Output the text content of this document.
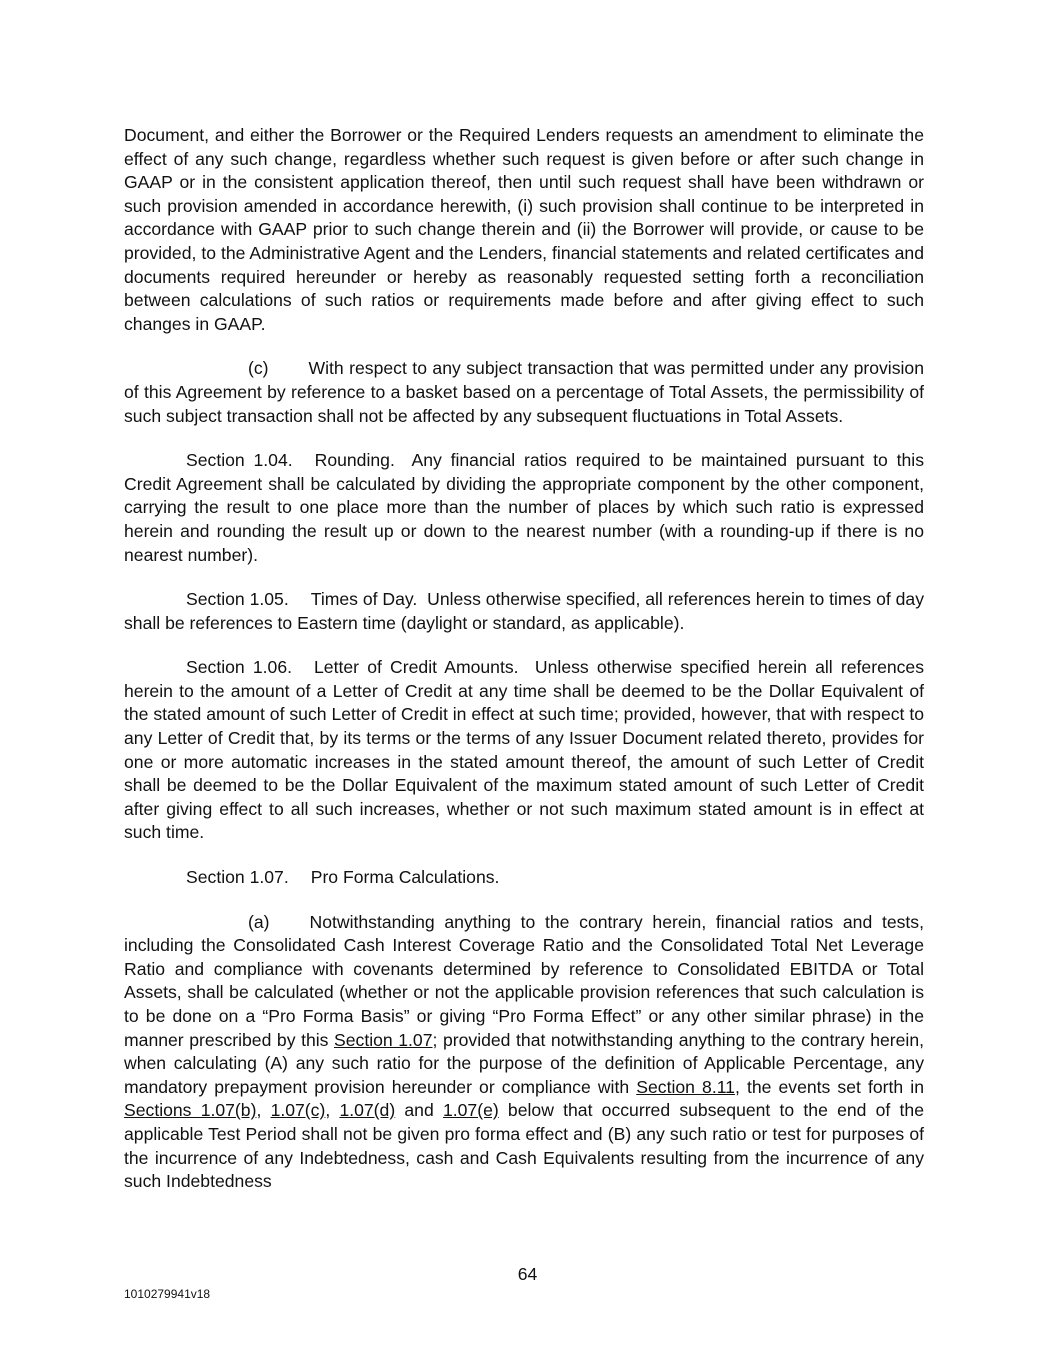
Document, and either the Borrower or the Required Lenders requests an amendment to eliminate the effect of any such change, regardless whether such request is given before or after such change in GAAP or in the consistent application thereof, then until such request shall have been withdrawn or such provision amended in accordance herewith, (i) such provision shall continue to be interpreted in accordance with GAAP prior to such change therein and (ii) the Borrower will provide, or cause to be provided, to the Administrative Agent and the Lenders, financial statements and related certificates and documents required hereunder or hereby as reasonably requested setting forth a reconciliation between calculations of such ratios or requirements made before and after giving effect to such changes in GAAP.

(c) With respect to any subject transaction that was permitted under any provision of this Agreement by reference to a basket based on a percentage of Total Assets, the permissibility of such subject transaction shall not be affected by any subsequent fluctuations in Total Assets.

Section 1.04. Rounding. Any financial ratios required to be maintained pursuant to this Credit Agreement shall be calculated by dividing the appropriate component by the other component, carrying the result to one place more than the number of places by which such ratio is expressed herein and rounding the result up or down to the nearest number (with a rounding-up if there is no nearest number).

Section 1.05. Times of Day. Unless otherwise specified, all references herein to times of day shall be references to Eastern time (daylight or standard, as applicable).

Section 1.06. Letter of Credit Amounts. Unless otherwise specified herein all references herein to the amount of a Letter of Credit at any time shall be deemed to be the Dollar Equivalent of the stated amount of such Letter of Credit in effect at such time; provided, however, that with respect to any Letter of Credit that, by its terms or the terms of any Issuer Document related thereto, provides for one or more automatic increases in the stated amount thereof, the amount of such Letter of Credit shall be deemed to be the Dollar Equivalent of the maximum stated amount of such Letter of Credit after giving effect to all such increases, whether or not such maximum stated amount is in effect at such time.

Section 1.07. Pro Forma Calculations.

(a) Notwithstanding anything to the contrary herein, financial ratios and tests, including the Consolidated Cash Interest Coverage Ratio and the Consolidated Total Net Leverage Ratio and compliance with covenants determined by reference to Consolidated EBITDA or Total Assets, shall be calculated (whether or not the applicable provision references that such calculation is to be done on a “Pro Forma Basis” or giving “Pro Forma Effect” or any other similar phrase) in the manner prescribed by this Section 1.07; provided that notwithstanding anything to the contrary herein, when calculating (A) any such ratio for the purpose of the definition of Applicable Percentage, any mandatory prepayment provision hereunder or compliance with Section 8.11, the events set forth in Sections 1.07(b), 1.07(c), 1.07(d) and 1.07(e) below that occurred subsequent to the end of the applicable Test Period shall not be given pro forma effect and (B) any such ratio or test for purposes of the incurrence of any Indebtedness, cash and Cash Equivalents resulting from the incurrence of any such Indebtedness

64
1010279941v18
